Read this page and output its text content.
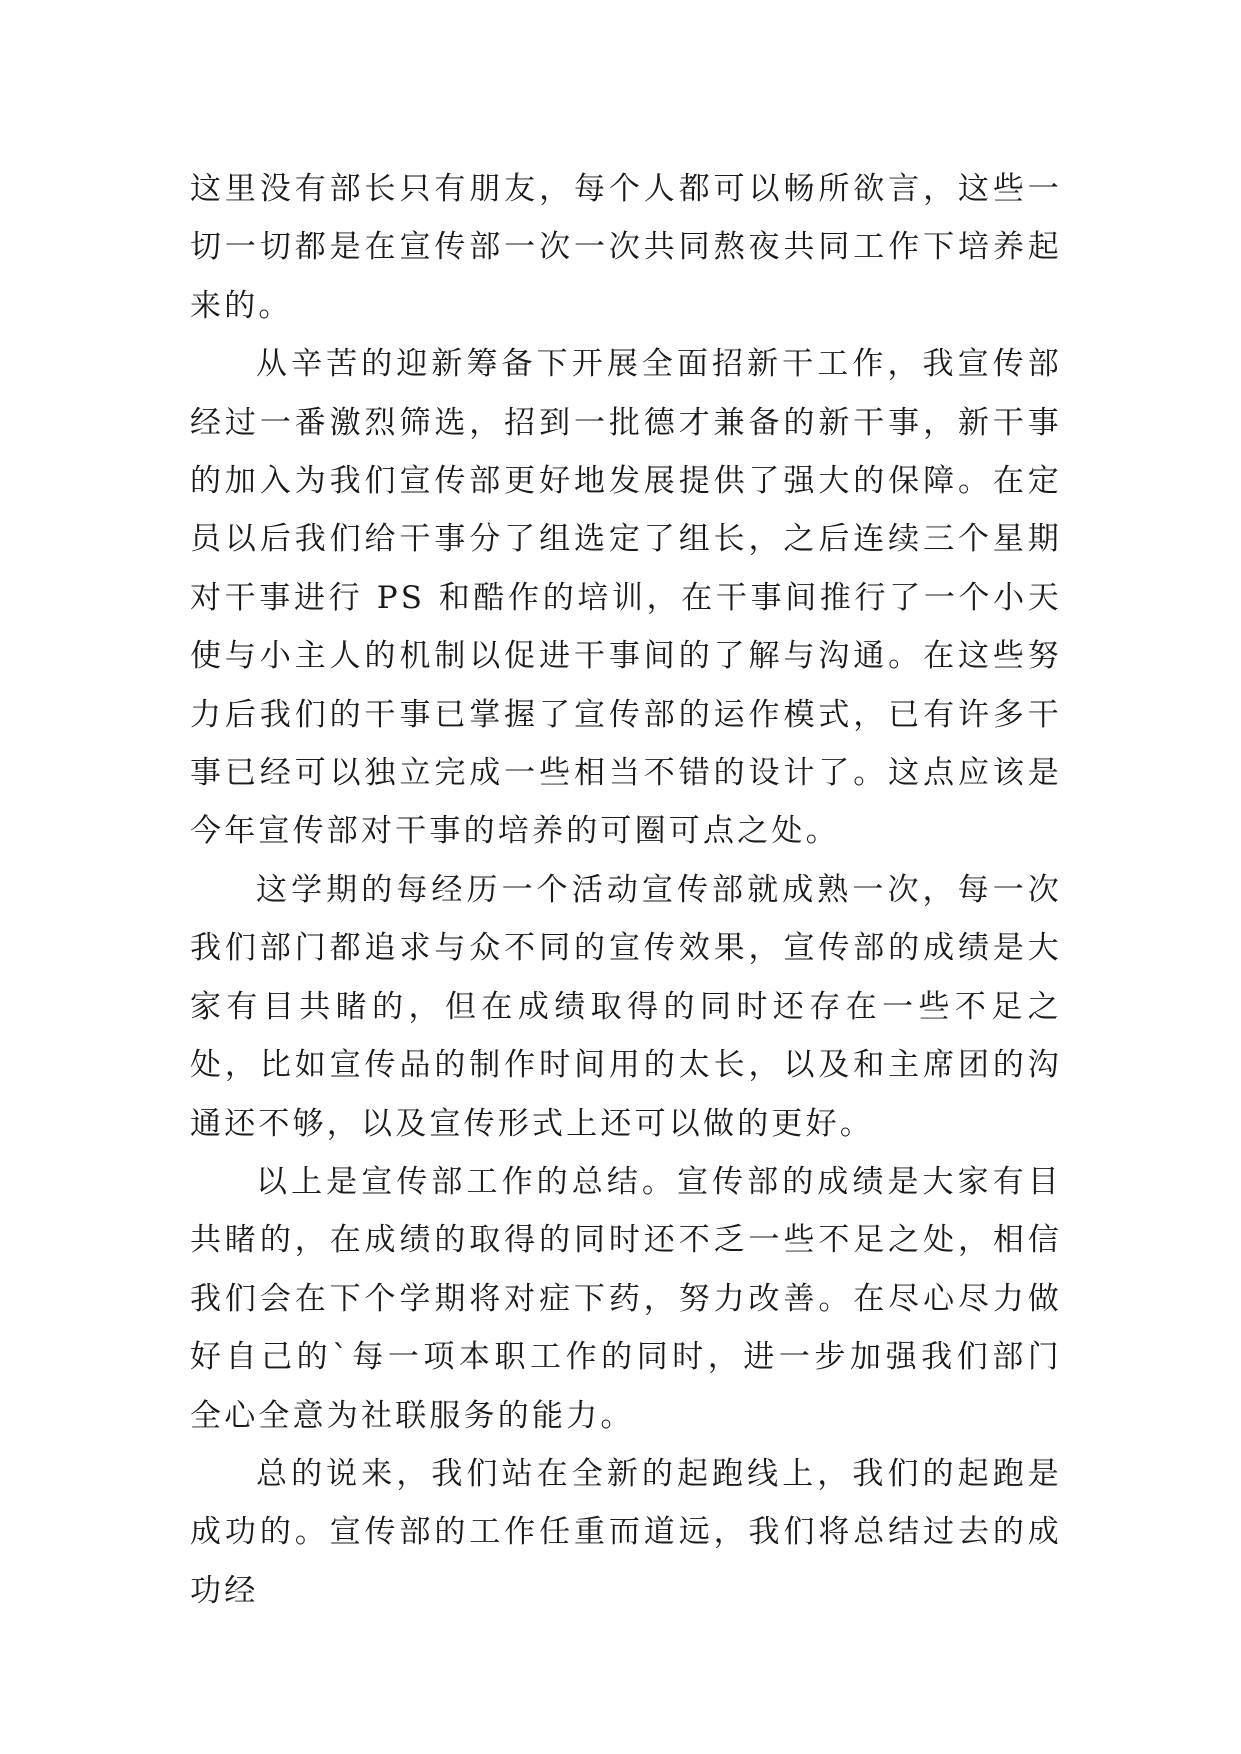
这里没有部长只有朋友，每个人都可以畅所欲言，这些一切一切都是在宣传部一次一次共同熬夜共同工作下培养起来的。

从辛苦的迎新筹备下开展全面招新干工作，我宣传部经过一番激烈筛选，招到一批德才兼备的新干事，新干事的加入为我们宣传部更好地发展提供了强大的保障。在定员以后我们给干事分了组选定了组长，之后连续三个星期对干事进行 PS 和酷作的培训，在干事间推行了一个小天使与小主人的机制以促进干事间的了解与沟通。在这些努力后我们的干事已掌握了宣传部的运作模式，已有许多干事已经可以独立完成一些相当不错的设计了。这点应该是今年宣传部对干事的培养的可圈可点之处。

这学期的每经历一个活动宣传部就成熟一次，每一次我们部门都追求与众不同的宣传效果，宣传部的成绩是大家有目共睹的，但在成绩取得的同时还存在一些不足之处，比如宣传品的制作时间用的太长，以及和主席团的沟通还不够，以及宣传形式上还可以做的更好。

以上是宣传部工作的总结。宣传部的成绩是大家有目共睹的，在成绩的取得的同时还不乏一些不足之处，相信我们会在下个学期将对症下药，努力改善。在尽心尽力做好自己的`每一项本职工作的同时，进一步加强我们部门全心全意为社联服务的能力。

总的说来，我们站在全新的起跑线上，我们的起跑是成功的。宣传部的工作任重而道远，我们将总结过去的成功经
